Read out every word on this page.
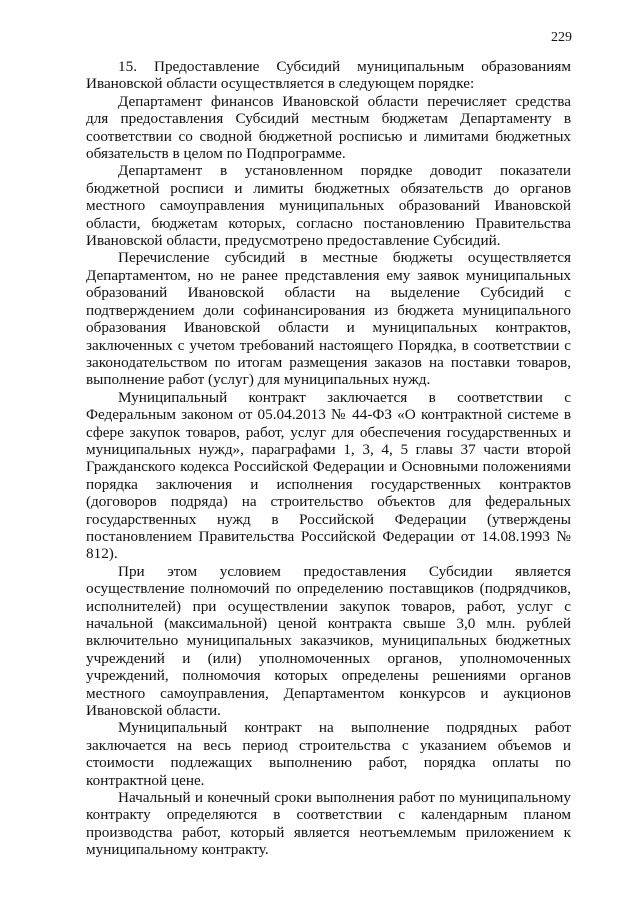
229

15. Предоставление Субсидий муниципальным образованиям Ивановской области осуществляется в следующем порядке:

Департамент финансов Ивановской области перечисляет средства для предоставления Субсидий местным бюджетам Департаменту в соответствии со сводной бюджетной росписью и лимитами бюджетных обязательств в целом по Подпрограмме.

Департамент в установленном порядке доводит показатели бюджетной росписи и лимиты бюджетных обязательств до органов местного самоуправления муниципальных образований Ивановской области, бюджетам которых, согласно постановлению Правительства Ивановской области, предусмотрено предоставление Субсидий.

Перечисление субсидий в местные бюджеты осуществляется Департаментом, но не ранее представления ему заявок муниципальных образований Ивановской области на выделение Субсидий с подтверждением доли софинансирования из бюджета муниципального образования Ивановской области и муниципальных контрактов, заключенных с учетом требований настоящего Порядка, в соответствии с законодательством по итогам размещения заказов на поставки товаров, выполнение работ (услуг) для муниципальных нужд.

Муниципальный контракт заключается в соответствии с Федеральным законом от 05.04.2013 № 44-ФЗ «О контрактной системе в сфере закупок товаров, работ, услуг для обеспечения государственных и муниципальных нужд», параграфами 1, 3, 4, 5 главы 37 части второй Гражданского кодекса Российской Федерации и Основными положениями порядка заключения и исполнения государственных контрактов (договоров подряда) на строительство объектов для федеральных государственных нужд в Российской Федерации (утверждены постановлением Правительства Российской Федерации от 14.08.1993 № 812).

При этом условием предоставления Субсидии является осуществление полномочий по определению поставщиков (подрядчиков, исполнителей) при осуществлении закупок товаров, работ, услуг с начальной (максимальной) ценой контракта свыше 3,0 млн. рублей включительно муниципальных заказчиков, муниципальных бюджетных учреждений и (или) уполномоченных органов, уполномоченных учреждений, полномочия которых определены решениями органов местного самоуправления, Департаментом конкурсов и аукционов Ивановской области.

Муниципальный контракт на выполнение подрядных работ заключается на весь период строительства с указанием объемов и стоимости подлежащих выполнению работ, порядка оплаты по контрактной цене.

Начальный и конечный сроки выполнения работ по муниципальному контракту определяются в соответствии с календарным планом производства работ, который является неотъемлемым приложением к муниципальному контракту.
